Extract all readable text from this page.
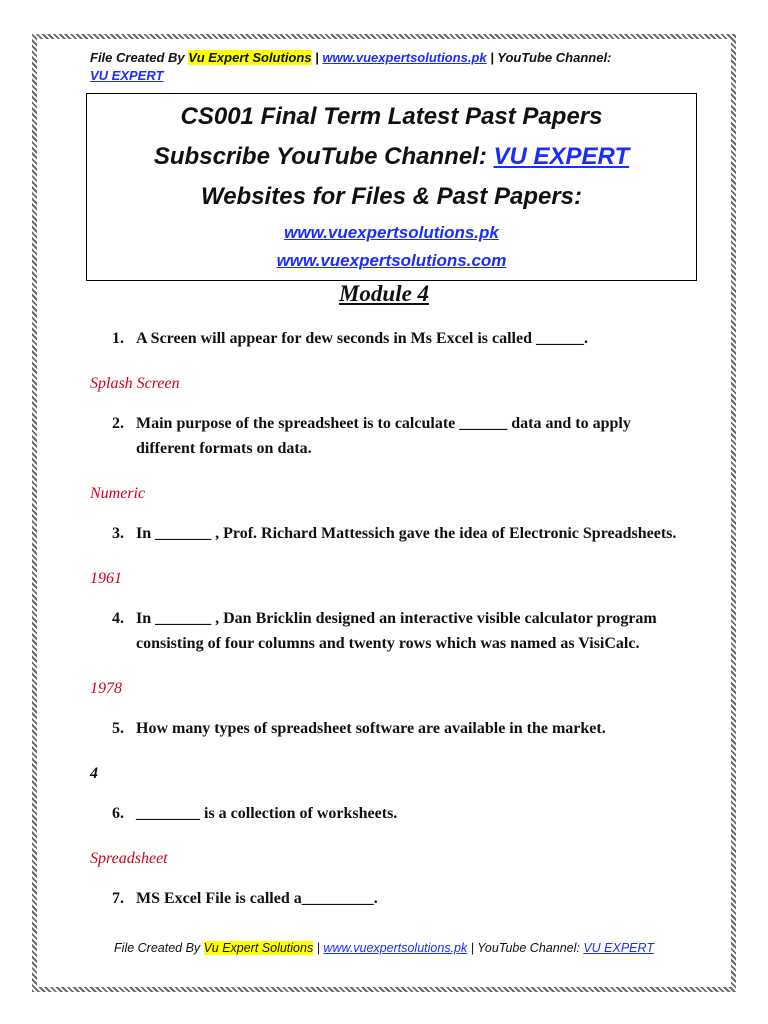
File Created By Vu Expert Solutions | www.vuexpertsolutions.pk | YouTube Channel:
VU EXPERT
CS001 Final Term Latest Past Papers
Subscribe YouTube Channel: VU EXPERT
Websites for Files & Past Papers:
www.vuexpertsolutions.pk
www.vuexpertsolutions.com
Module 4
1. A Screen will appear for dew seconds in Ms Excel is called ______.
Splash Screen
2. Main purpose of the spreadsheet is to calculate ______ data and to apply different formats on data.
Numeric
3. In _______ , Prof. Richard Mattessich gave the idea of Electronic Spreadsheets.
1961
4. In _______ , Dan Bricklin designed an interactive visible calculator program consisting of four columns and twenty rows which was named as VisiCalc.
1978
5. How many types of spreadsheet software are available in the market.
4
6. ________ is a collection of worksheets.
Spreadsheet
7. MS Excel File is called a_________.
File Created By Vu Expert Solutions | www.vuexpertsolutions.pk | YouTube Channel: VU EXPERT
